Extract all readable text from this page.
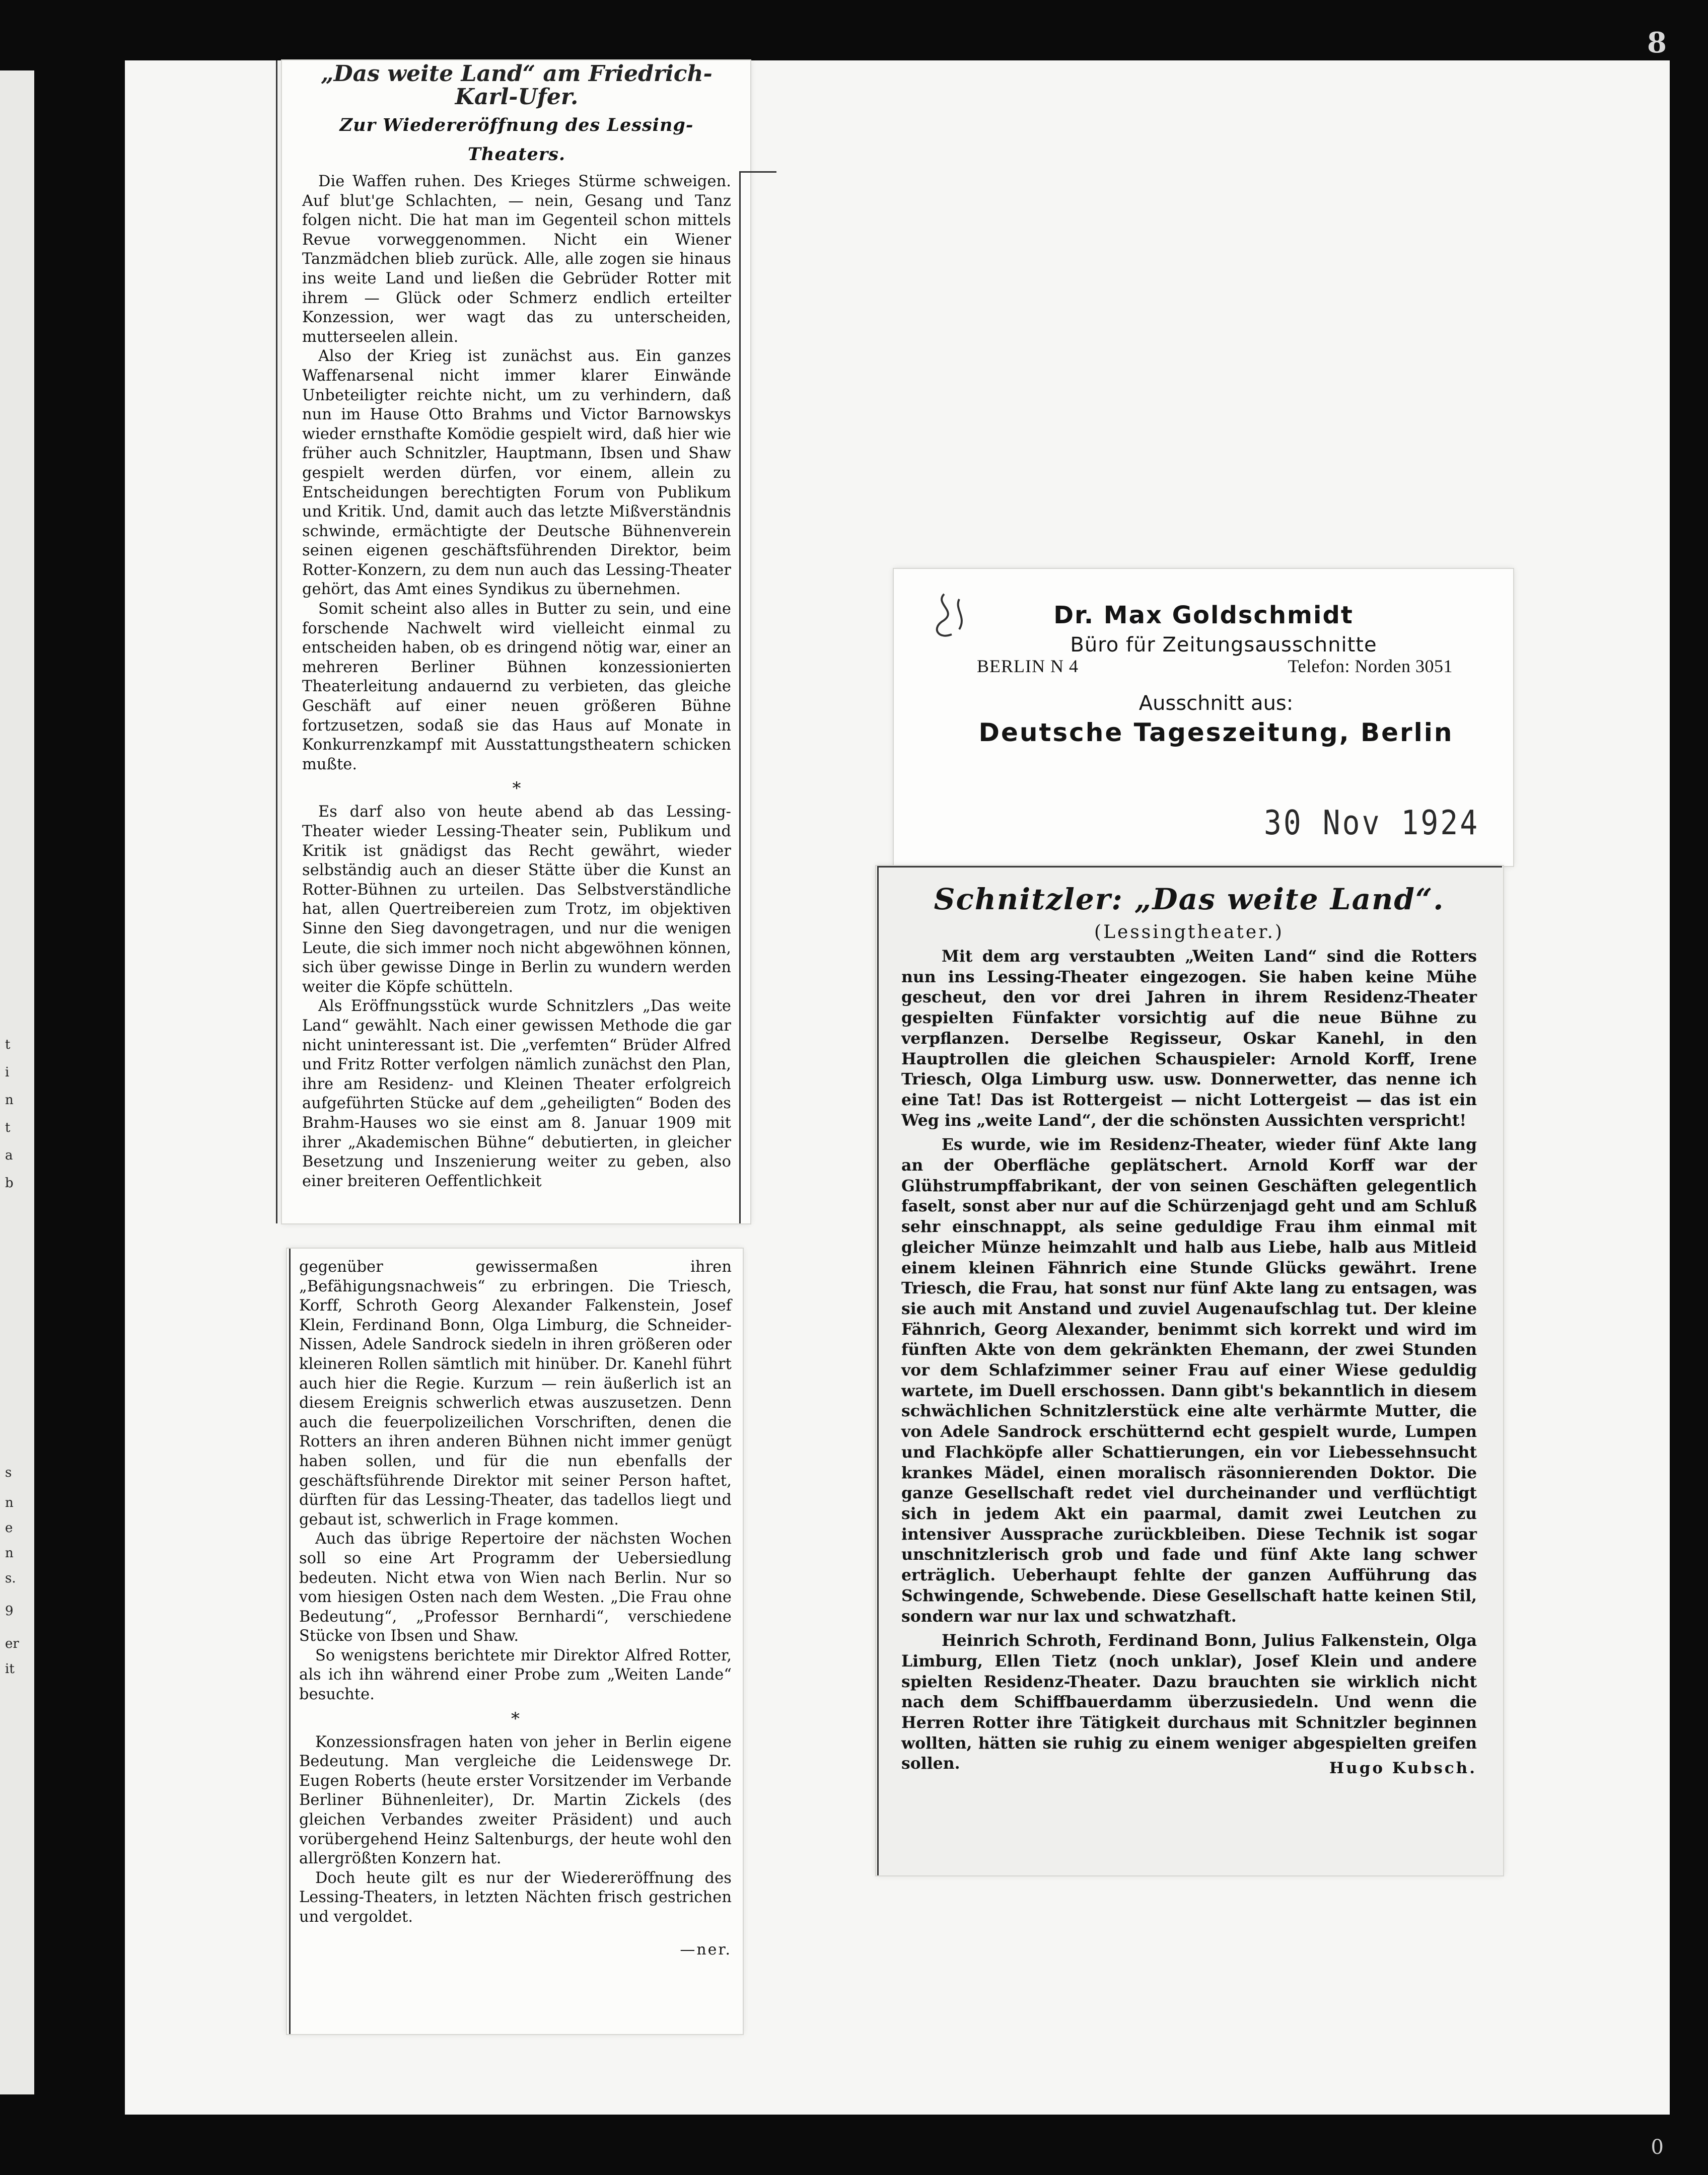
t
i
n
t
a
b
s
n
e
n
s.
9
er
it
8
0
„Das weite Land“ am Friedrich-Karl-Ufer.
Zur Wiedereröffnung des Lessing-Theaters.

Die Waffen ruhen. Des Krieges Stürme schweigen. Auf blut'ge Schlachten, — nein, Gesang und Tanz folgen nicht. Die hat man im Gegenteil schon mittels Revue vorweggenommen. Nicht ein Wiener Tanzmädchen blieb zurück. Alle, alle zogen sie hinaus ins weite Land und ließen die Gebrüder Rotter mit ihrem — Glück oder Schmerz endlich erteilter Konzession, wer wagt das zu unterscheiden, mutterseelen allein.

Also der Krieg ist zunächst aus. Ein ganzes Waffenarsenal nicht immer klarer Einwände Unbeteiligter reichte nicht, um zu verhindern, daß nun im Hause Otto Brahms und Victor Barnowskys wieder ernsthafte Komödie gespielt wird, daß hier wie früher auch Schnitzler, Hauptmann, Ibsen und Shaw gespielt werden dürfen, vor einem, allein zu Entscheidungen berechtigten Forum von Publikum und Kritik. Und, damit auch das letzte Mißverständnis schwinde, ermächtigte der Deutsche Bühnenverein seinen eigenen geschäftsführenden Direktor, beim Rotter-Konzern, zu dem nun auch das Lessing-Theater gehört, das Amt eines Syndikus zu übernehmen.

Somit scheint also alles in Butter zu sein, und eine forschende Nachwelt wird vielleicht einmal zu entscheiden haben, ob es dringend nötig war, einer an mehreren Berliner Bühnen konzessionierten Theaterleitung andauernd zu verbieten, das gleiche Geschäft auf einer neuen größeren Bühne fortzusetzen, sodaß sie das Haus auf Monate in Konkurrenzkampf mit Ausstattungstheatern schicken mußte.

*

Es darf also von heute abend ab das Lessing-Theater wieder Lessing-Theater sein, Publikum und Kritik ist gnädigst das Recht gewährt, wieder selbständig auch an dieser Stätte über die Kunst an Rotter-Bühnen zu urteilen. Das Selbstverständliche hat, allen Quertreibereien zum Trotz, im objektiven Sinne den Sieg davongetragen, und nur die wenigen Leute, die sich immer noch nicht abgewöhnen können, sich über gewisse Dinge in Berlin zu wundern werden weiter die Köpfe schütteln.

Als Eröffnungsstück wurde Schnitzlers „Das weite Land“ gewählt. Nach einer gewissen Methode die gar nicht uninteressant ist. Die „verfemten“ Brüder Alfred und Fritz Rotter verfolgen nämlich zunächst den Plan, ihre am Residenz- und Kleinen Theater erfolgreich aufgeführten Stücke auf dem „geheiligten“ Boden des Brahm-Hauses wo sie einst am 8. Januar 1909 mit ihrer „Akademischen Bühne“ debutierten, in gleicher Besetzung und Inszenierung weiter zu geben, also einer breiteren Oeffentlichkeit

gegenüber gewissermaßen ihren „Befähigungsnachweis“ zu erbringen. Die Triesch, Korff, Schroth Georg Alexander Falkenstein, Josef Klein, Ferdinand Bonn, Olga Limburg, die Schneider-Nissen, Adele Sandrock siedeln in ihren größeren oder kleineren Rollen sämtlich mit hinüber. Dr. Kanehl führt auch hier die Regie. Kurzum — rein äußerlich ist an diesem Ereignis schwerlich etwas auszusetzen. Denn auch die feuerpolizeilichen Vorschriften, denen die Rotters an ihren anderen Bühnen nicht immer genügt haben sollen, und für die nun ebenfalls der geschäftsführende Direktor mit seiner Person haftet, dürften für das Lessing-Theater, das tadellos liegt und gebaut ist, schwerlich in Frage kommen.

Auch das übrige Repertoire der nächsten Wochen soll so eine Art Programm der Uebersiedlung bedeuten. Nicht etwa von Wien nach Berlin. Nur so vom hiesigen Osten nach dem Westen. „Die Frau ohne Bedeutung“, „Professor Bernhardi“, verschiedene Stücke von Ibsen und Shaw.

So wenigstens berichtete mir Direktor Alfred Rotter, als ich ihn während einer Probe zum „Weiten Lande“ besuchte.

*

Konzessionsfragen haten von jeher in Berlin eigene Bedeutung. Man vergleiche die Leidenswege Dr. Eugen Roberts (heute erster Vorsitzender im Verbande Berliner Bühnenleiter), Dr. Martin Zickels (des gleichen Verbandes zweiter Präsident) und auch vorübergehend Heinz Saltenburgs, der heute wohl den allergrößten Konzern hat.

Doch heute gilt es nur der Wiedereröffnung des Lessing-Theaters, in letzten Nächten frisch gestrichen und vergoldet.

—ner.
Dr. Max Goldschmidt
Büro für Zeitungsausschnitte
BERLIN N 4	Telefon: Norden 3051
Ausschnitt aus:
Deutsche Tageszeitung, Berlin
30 Nov 1924
Schnitzler: „Das weite Land“.
(Lessingtheater.)

Mit dem arg verstaubten „Weiten Land“ sind die Rotters nun ins Lessing-Theater eingezogen. Sie haben keine Mühe gescheut, den vor drei Jahren in ihrem Residenz-Theater gespielten Fünfakter vorsichtig auf die neue Bühne zu verpflanzen. Derselbe Regisseur, Oskar Kanehl, in den Hauptrollen die gleichen Schauspieler: Arnold Korff, Irene Triesch, Olga Limburg usw. usw. Donnerwetter, das nenne ich eine Tat! Das ist Rottergeist — nicht Lottergeist — das ist ein Weg ins „weite Land“, der die schönsten Aussichten verspricht!

Es wurde, wie im Residenz-Theater, wieder fünf Akte lang an der Oberfläche geplätschert. Arnold Korff war der Glühstrumpffabrikant, der von seinen Geschäften gelegentlich faselt, sonst aber nur auf die Schürzenjagd geht und am Schluß sehr einschnappt, als seine geduldige Frau ihm einmal mit gleicher Münze heimzahlt und halb aus Liebe, halb aus Mitleid einem kleinen Fähnrich eine Stunde Glücks gewährt. Irene Triesch, die Frau, hat sonst nur fünf Akte lang zu entsagen, was sie auch mit Anstand und zuviel Augenaufschlag tut. Der kleine Fähnrich, Georg Alexander, benimmt sich korrekt und wird im fünften Akte von dem gekränkten Ehemann, der zwei Stunden vor dem Schlafzimmer seiner Frau auf einer Wiese geduldig wartete, im Duell erschossen. Dann gibt's bekanntlich in diesem schwächlichen Schnitzlerstück eine alte verhärmte Mutter, die von Adele Sandrock erschütternd echt gespielt wurde, Lumpen und Flachköpfe aller Schattierungen, ein vor Liebessehnsucht krankes Mädel, einen moralisch räsonnierenden Doktor. Die ganze Gesellschaft redet viel durcheinander und verflüchtigt sich in jedem Akt ein paarmal, damit zwei Leutchen zu intensiver Aussprache zurückbleiben. Diese Technik ist sogar unschnitzlerisch grob und fade und fünf Akte lang schwer erträglich. Ueberhaupt fehlte der ganzen Aufführung das Schwingende, Schwebende. Diese Gesellschaft hatte keinen Stil, sondern war nur lax und schwatzhaft.

Heinrich Schroth, Ferdinand Bonn, Julius Falkenstein, Olga Limburg, Ellen Tietz (noch unklar), Josef Klein und andere spielten Residenz-Theater. Dazu brauchten sie wirklich nicht nach dem Schiffbauerdamm überzusiedeln. Und wenn die Herren Rotter ihre Tätigkeit durchaus mit Schnitzler beginnen wollten, hätten sie ruhig zu einem weniger abgespielten greifen sollen.	Hugo Kubsch.
